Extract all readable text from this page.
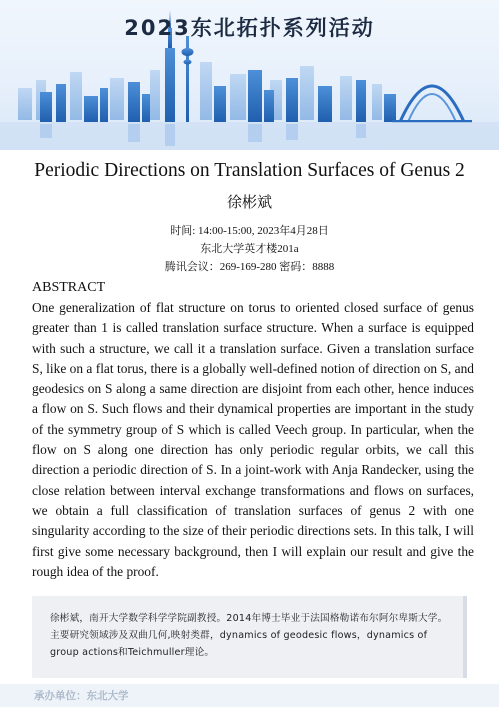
2023东北拓扑系列活动
Periodic Directions on Translation Surfaces of Genus 2
徐彬斌
时间: 14:00-15:00, 2023年4月28日
东北大学英才楼201a
腾讯会议：269-169-280 密码：8888
ABSTRACT
One generalization of flat structure on torus to oriented closed surface of genus greater than 1 is called translation surface structure. When a surface is equipped with such a structure, we call it a translation surface. Given a translation surface S, like on a flat torus, there is a globally well-defined notion of direction on S, and geodesics on S along a same direction are disjoint from each other, hence induces a flow on S. Such flows and their dynamical properties are important in the study of the symmetry group of S which is called Veech group. In particular, when the flow on S along one direction has only periodic regular orbits, we call this direction a periodic direction of S. In a joint-work with Anja Randecker, using the close relation between interval exchange transformations and flows on surfaces, we obtain a full classification of translation surfaces of genus 2 with one singularity according to the size of their periodic directions sets. In this talk, I will first give some necessary background, then I will explain our result and give the rough idea of the proof.
徐彬斌，南开大学数学科学学院副教授。2014年博士毕业于法国格勒诺布尔阿尔卑斯大学。 主要研究领域涉及双曲几何,映射类群，dynamics of geodesic flows，dynamics of group actions和Teichmuller理论。
承办单位：东北大学
